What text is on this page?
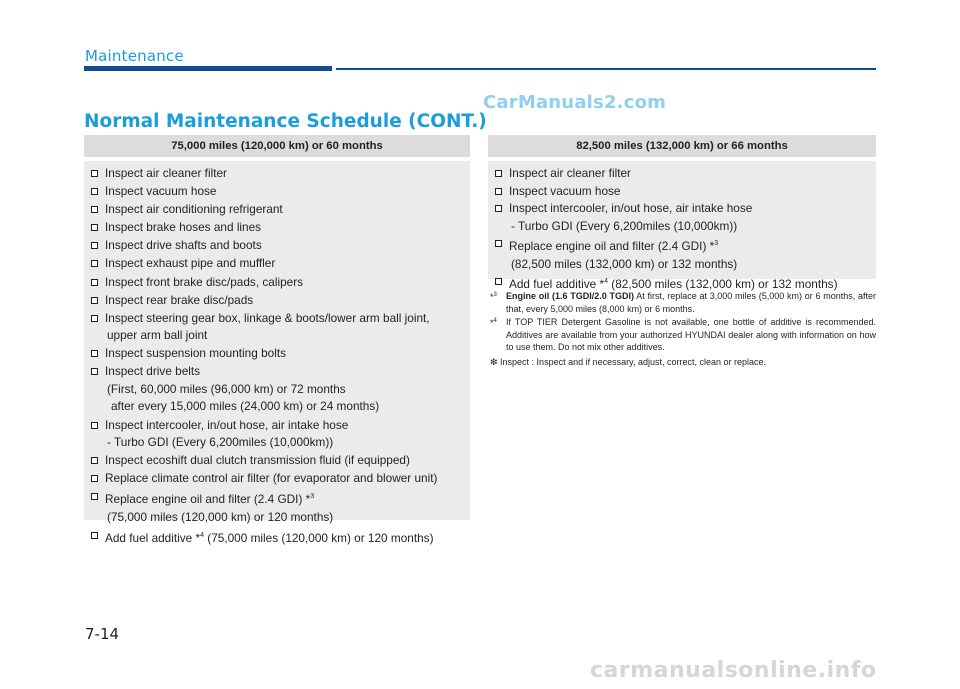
Maintenance
CarManuals2.com
Normal Maintenance Schedule (CONT.)
75,000 miles (120,000 km) or 60 months
Inspect air cleaner filter
Inspect vacuum hose
Inspect air conditioning refrigerant
Inspect brake hoses and lines
Inspect drive shafts and boots
Inspect exhaust pipe and muffler
Inspect front brake disc/pads, calipers
Inspect rear brake disc/pads
Inspect steering gear box, linkage & boots/lower arm ball joint,
upper arm ball joint
Inspect suspension mounting bolts
Inspect drive belts
(First, 60,000 miles (96,000 km) or 72 months
after every 15,000 miles (24,000 km) or 24 months)
Inspect intercooler, in/out hose, air intake hose
- Turbo GDI (Every 6,200miles (10,000km))
Inspect ecoshift dual clutch transmission fluid (if equipped)
Replace climate control air filter (for evaporator and blower unit)
Replace engine oil and filter (2.4 GDI) *$^3$
(75,000 miles (120,000 km) or 120 months)
Add fuel additive *$^4$ (75,000 miles (120,000 km) or 120 months)
82,500 miles (132,000 km) or 66 months
Inspect air cleaner filter
Inspect vacuum hose
Inspect intercooler, in/out hose, air intake hose
- Turbo GDI (Every 6,200miles (10,000km))
Replace engine oil and filter (2.4 GDI) *$^3$
(82,500 miles (132,000 km) or 132 months)
Add fuel additive *$^4$ (82,500 miles (132,000 km) or 132 months)
*$^3$ Engine oil (1.6 TGDI/2.0 TGDI) At first, replace at 3,000 miles (5,000 km) or 6 months, after that, every 5,000 miles (8,000 km) or 6 months.
*$^4$ If TOP TIER Detergent Gasoline is not available, one bottle of additive is recommended. Additives are available from your authorized HYUNDAI dealer along with information on how to use them. Do not mix other additives.
❇ Inspect : Inspect and if necessary, adjust, correct, clean or replace.
7-14
carmanualsonline.info
